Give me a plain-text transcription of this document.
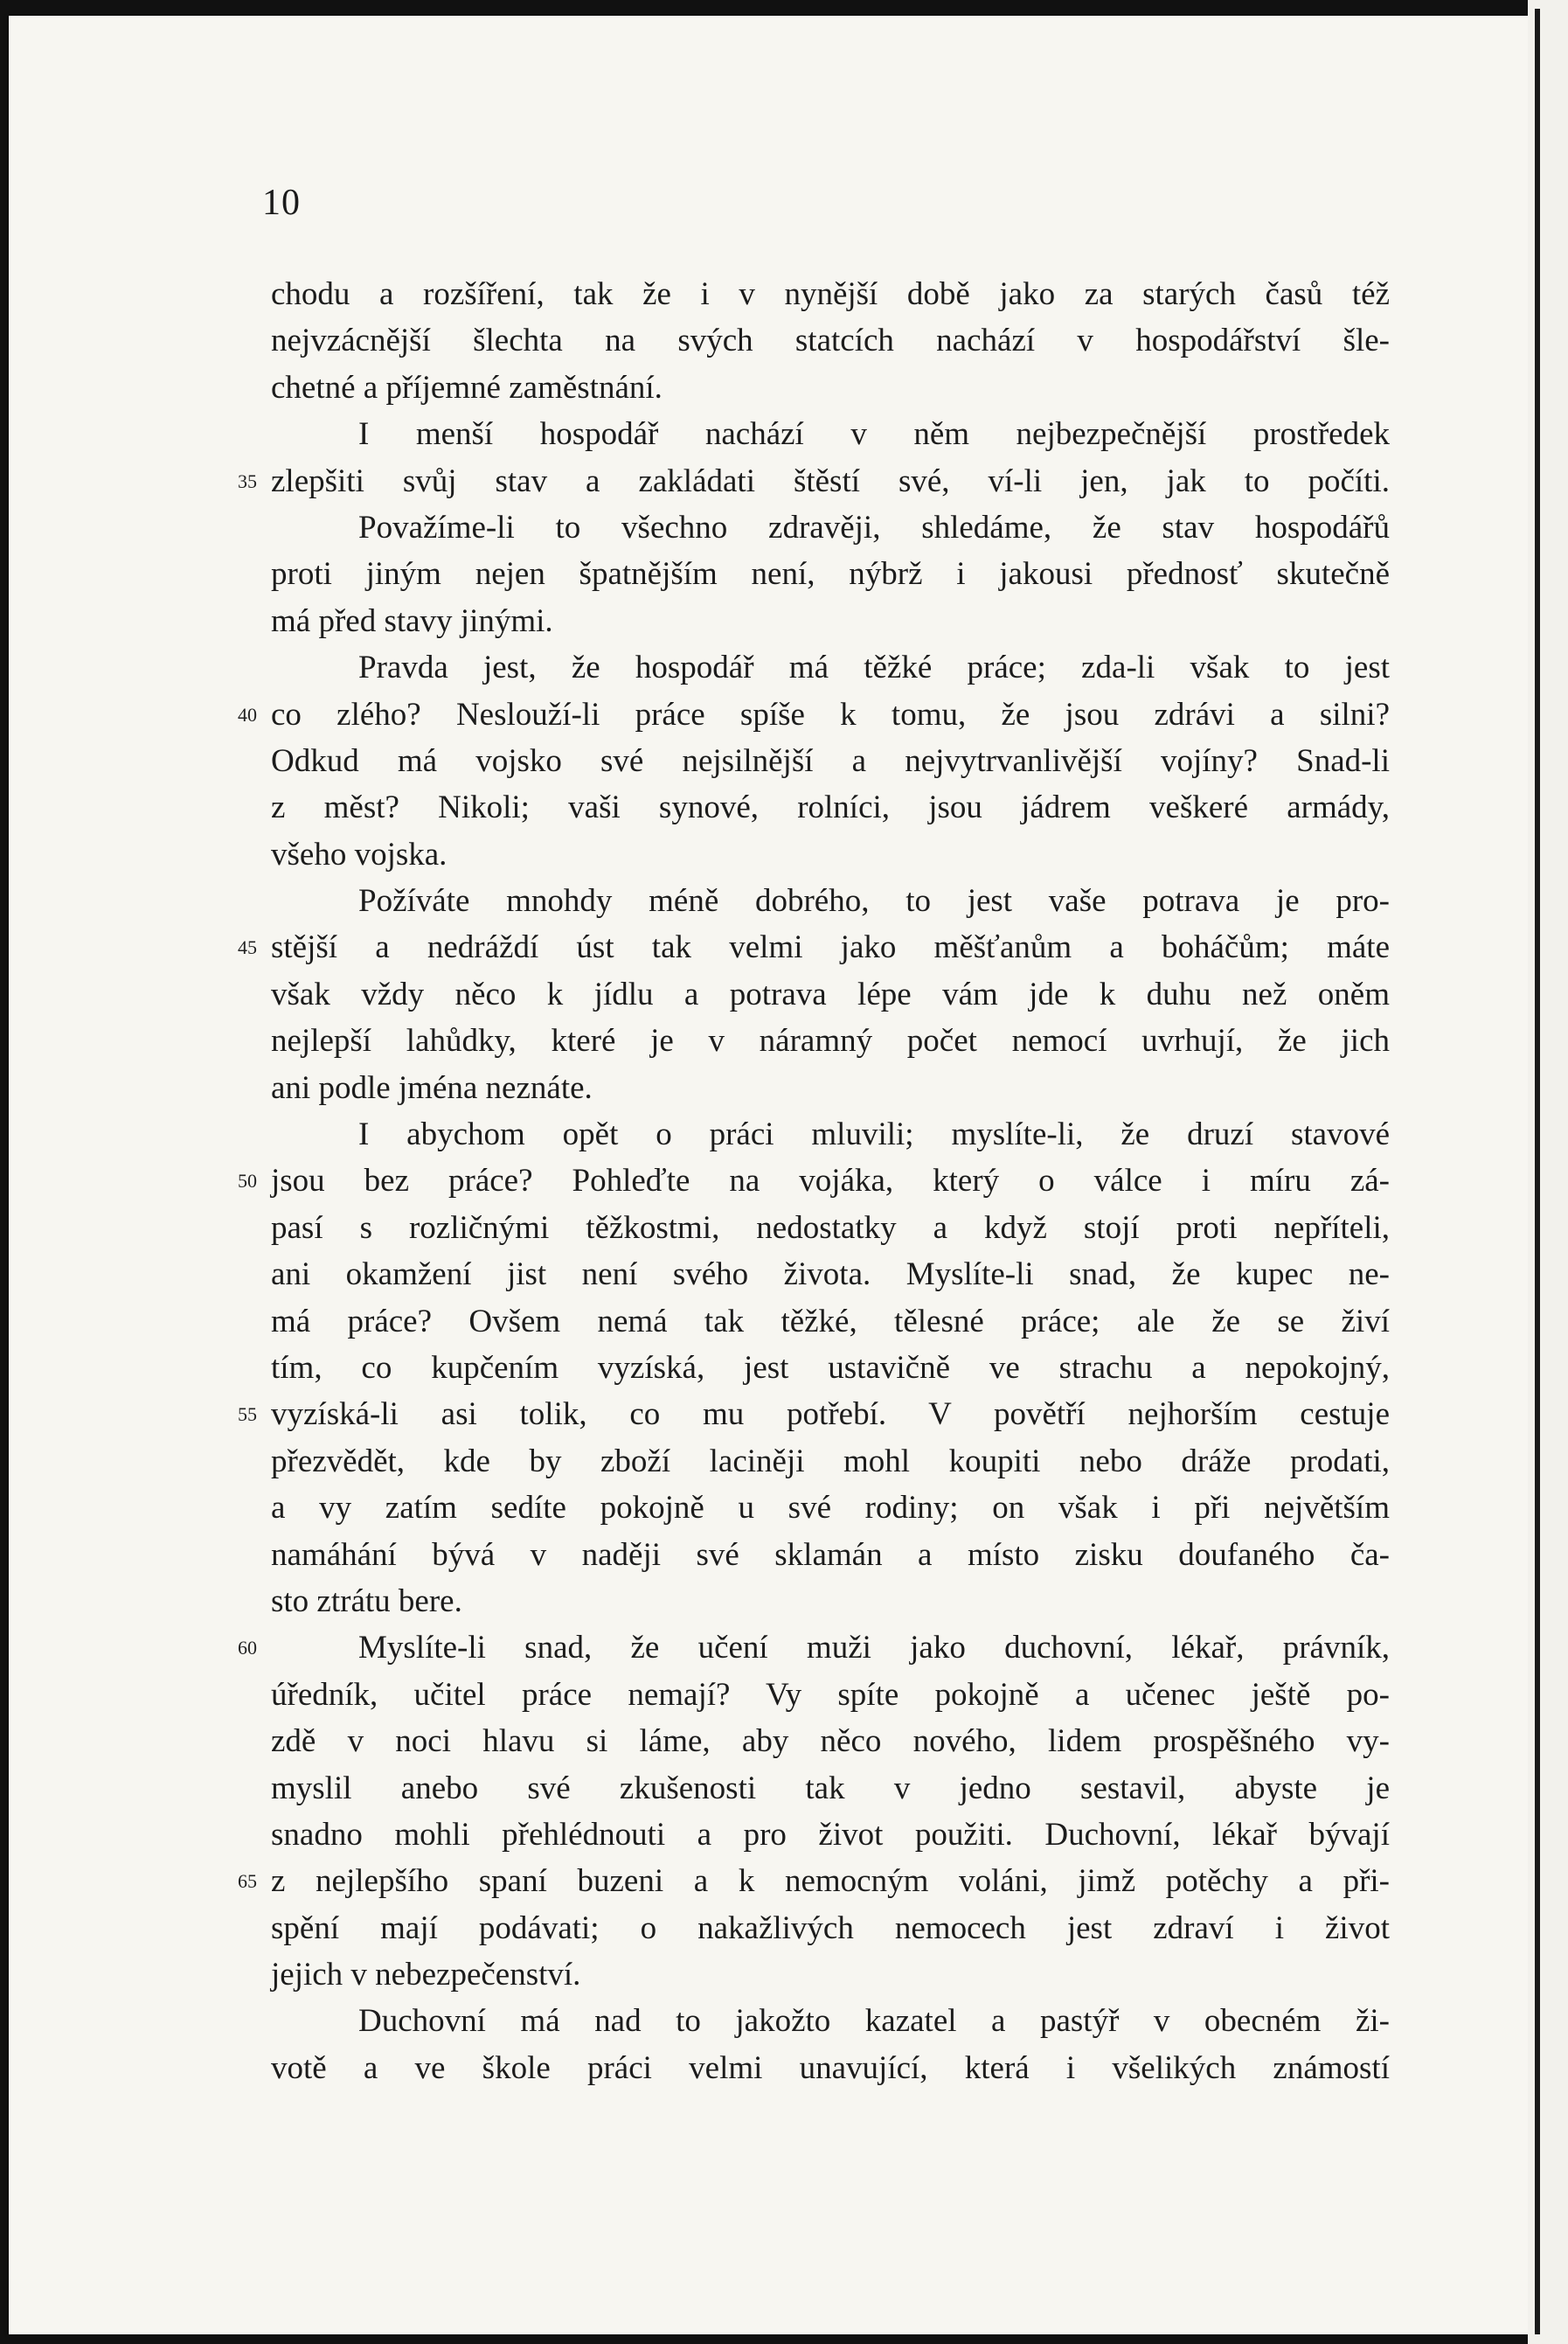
10
chodu a rozšíření, tak že i v nynější době jako za starých časů též
nejvzácnější šlechta na svých statcích nachází v hospodářství šle-
chetné a příjemné zaměstnání.
I menší hospodář nachází v něm nejbezpečnější prostředek
35 zlepšiti svůj stav a zakládati štěstí své, ví-li jen, jak to počíti.
Považíme-li to všechno zdravěji, shledáme, že stav hospodářů
proti jiným nejen špatnějším není, nýbrž i jakousi přednosť skutečně
má před stavy jinými.
Pravda jest, že hospodář má těžké práce; zda-li však to jest
40 co zlého? Neslouží-li práce spíše k tomu, že jsou zdrávi a silni?
Odkud má vojsko své nejsilnější a nejvytrvanlivější vojíny? Snad-li
z měst? Nikoli; vaši synové, rolníci, jsou jádrem veškeré armády,
všeho vojska.
Požíváte mnohdy méně dobrého, to jest vaše potrava je pro-
45 stější a nedráždí úst tak velmi jako měšťanům a boháčům; máte
však vždy něco k jídlu a potrava lépe vám jde k duhu než oněm
nejlepší lahůdky, které je v náramný počet nemocí uvrhují, že jich
ani podle jména neznáte.
I abychom opět o práci mluvili; myslíte-li, že druzí stavové
50 jsou bez práce? Pohleďte na vojáka, který o válce i míru zá-
pasí s rozličnými těžkostmi, nedostatky a když stojí proti nepříteli,
ani okamžení jist není svého života. Myslíte-li snad, že kupec ne-
má práce? Ovšem nemá tak těžké, tělesné práce; ale že se živí
tím, co kupčením vyzíská, jest ustavičně ve strachu a nepokojný,
55 vyzíská-li asi tolik, co mu potřebí. V povětří nejhorším cestuje
přezvědět, kde by zboží laciněji mohl koupiti nebo dráže prodati,
a vy zatím sedíte pokojně u své rodiny; on však i při největším
namáhání bývá v naději své sklamán a místo zisku doufaného ča-
sto ztrátu bere.
60	Myslíte-li snad, že učení muži jako duchovní, lékař, právník,
úředník, učitel práce nemají? Vy spíte pokojně a učenec ještě po-
zdě v noci hlavu si láme, aby něco nového, lidem prospěšného vy-
myslil anebo své zkušenosti tak v jedno sestavil, abyste je
snadno mohli přehlédnouti a pro život použiti. Duchovní, lékař bývají
65 z nejlepšího spaní buzeni a k nemocným voláni, jimž potěchy a při-
spění mají podávati; o nakažlivých nemocech jest zdraví i život
jejich v nebezpečenství.
Duchovní má nad to jakožto kazatel a pastýř v obecném ži-
votě a ve škole práci velmi unavující, která i všelikých známostí
